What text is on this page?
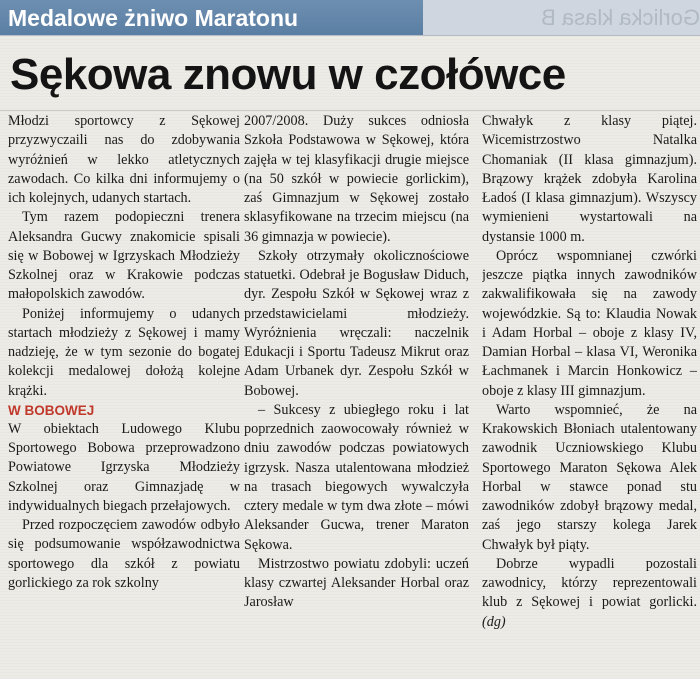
Medalowe żniwo Maratonu	Gorlicka klasa B
Sękowa znowu w czołówce

Młodzi sportowcy z Sękowej przyzwyczaili nas do zdobywania wyróżnień w lekko atletycznych zawodach. Co kilka dni informujemy o ich kolejnych, udanych startach.

Tym razem podopieczni trenera Aleksandra Gucwy znakomicie spisali się w Bobowej w Igrzyskach Młodzieży Szkolnej oraz w Krakowie podczas małopolskich zawodów.

Poniżej informujemy o udanych startach młodzieży z Sękowej i mamy nadzieję, że w tym sezonie do bogatej kolekcji medalowej dołożą kolejne krążki.

W BOBOWEJ

W obiektach Ludowego Klubu Sportowego Bobowa przeprowadzono Powiatowe Igrzyska Młodzieży Szkolnej oraz Gimnazjadę w indywidualnych biegach przełajowych.

Przed rozpoczęciem zawodów odbyło się podsumowanie współzawodnictwa sportowego dla szkół z powiatu gorlickiego za rok szkolny

2007/2008. Duży sukces odniosła Szkoła Podstawowa w Sękowej, która zajęła w tej klasyfikacji drugie miejsce (na 50 szkół w powiecie gorlickim), zaś Gimnazjum w Sękowej zostało sklasyfikowane na trzecim miejscu (na 36 gimnazja w powiecie).

Szkoły otrzymały okolicznościowe statuetki. Odebrał je Bogusław Diduch, dyr. Zespołu Szkół w Sękowej wraz z przedstawicielami młodzieży. Wyróżnienia wręczali: naczelnik Edukacji i Sportu Tadeusz Mikrut oraz Adam Urbanek dyr. Zespołu Szkół w Bobowej.

– Sukcesy z ubiegłego roku i lat poprzednich zaowocowały również w dniu zawodów podczas powiatowych igrzysk. Nasza utalentowana młodzież na trasach biegowych wywalczyła cztery medale w tym dwa złote – mówi Aleksander Gucwa, trener Maraton Sękowa.

Mistrzostwo powiatu zdobyli: uczeń klasy czwartej Aleksander Horbal oraz Jarosław

Chwałyk z klasy piątej. Wicemistrzostwo Natalka Chomaniak (II klasa gimnazjum). Brązowy krążek zdobyła Karolina Ładoś (I klasa gimnazjum). Wszyscy wymienieni wystartowali na dystansie 1000 m.

Oprócz wspomnianej czwórki jeszcze piątka innych zawodników zakwalifikowała się na zawody wojewódzkie. Są to: Klaudia Nowak i Adam Horbal – oboje z klasy IV, Damian Horbal – klasa VI, Weronika Łachmanek i Marcin Honkowicz – oboje z klasy III gimnazjum.

Warto wspomnieć, że na Krakowskich Błoniach utalentowany zawodnik Uczniowskiego Klubu Sportowego Maraton Sękowa Alek Horbal w stawce ponad stu zawodników zdobył brązowy medal, zaś jego starszy kolega Jarek Chwałyk był piąty.

Dobrze wypadli pozostali zawodnicy, którzy reprezentowali klub z Sękowej i powiat gorlicki. (dg)
